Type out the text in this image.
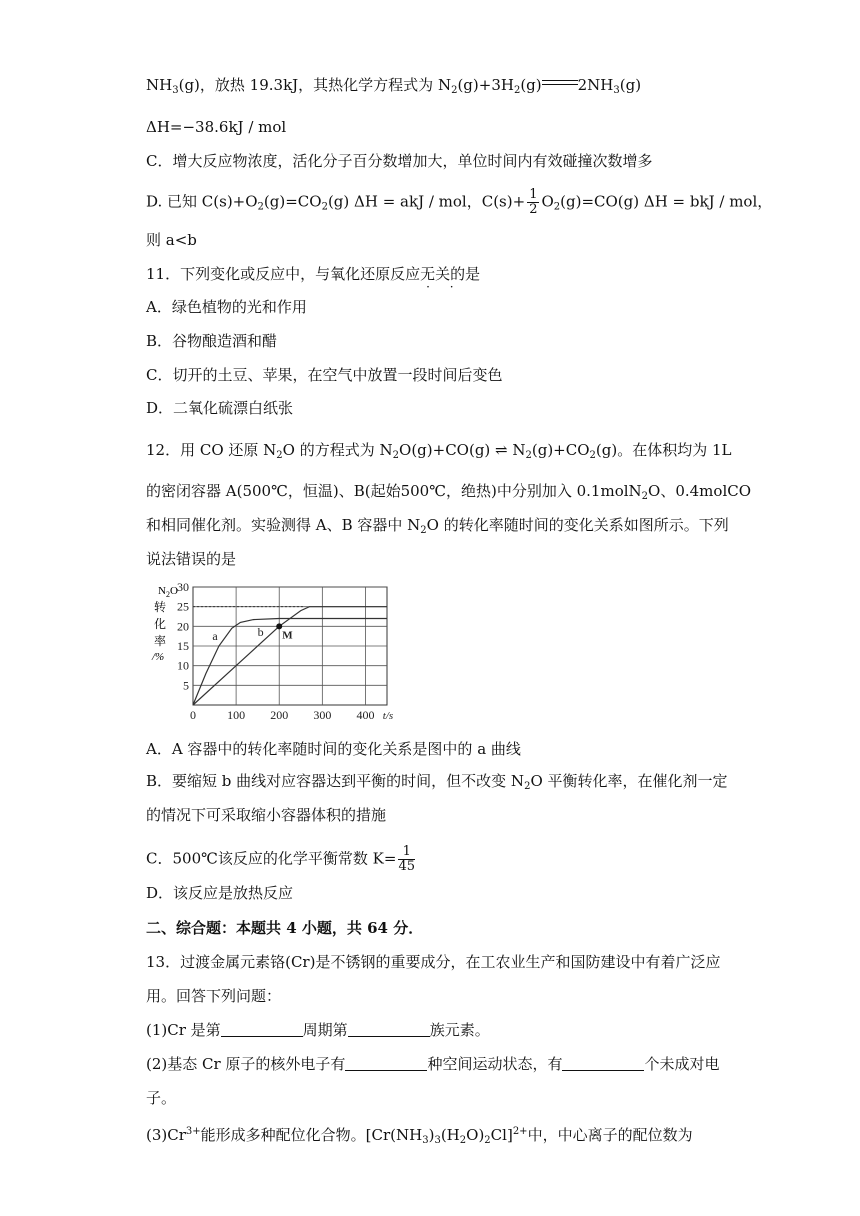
$NH_3(g)$，放热 19.3kJ，其热化学方程式为 $N_2(g)+3H_2(g)$ $2NH_3(g)$
ΔH=−38.6kJ / mol
C．增大反应物浓度，活化分子百分数增加大，单位时间内有效碰撞次数增多
D. 已知 $C(s)+O_2(g)=CO_2(g) \Delta H$ = akJ / mol，$C(s)+ \frac{1}{2} O_2(g)=CO(g) \Delta H$ = bkJ / mol，
则 a<b
11．下列变化或反应中，与氧化还原反应无关 · ·的是
A．绿色植物的光和作用
B．谷物酿造酒和醋
C．切开的土豆、苹果，在空气中放置一段时间后变色
D．二氧化硫漂白纸张
12．用 CO 还原 $N_2O$ 的方程式为 $N_2O(g)+CO(g)$ ⇌ $N_2(g)+CO_2(g)$。在体积均为 1L
的密闭容器 A(500℃，恒温)、B(起始500℃，绝热)中分别加入 0.1molN$_2$O、0.4molCO
和相同催化剂。实验测得 A、B 容器中 $N_2O$ 的转化率随时间的变化关系如图所示。下列
说法错误的是
$N_2O$
转
化
率
/%
5
10
15
20
25
30
0	100 200 300 400 t/s
a	b M
A．A 容器中的转化率随时间的变化关系是图中的 a 曲线
B．要缩短 b 曲线对应容器达到平衡的时间，但不改变 $N_2O$ 平衡转化率，在催化剂一定
的情况下可采取缩小容器体积的措施
C．500℃该反应的化学平衡常数 $K= \frac{1}{45}$
D．该反应是放热反应
二、综合题：本题共 4 小题，共 64 分．
13．过渡金属元素铬(Cr)是不锈钢的重要成分，在工农业生产和国防建设中有着广泛应
用。回答下列问题：
(1)Cr 是第	周期第	族元素。
(2)基态 Cr 原子的核外电子有	种空间运动状态，有	个未成对电
子。
$(3)Cr^{3+}$能形成多种配位化合物。$[Cr(NH_3)_3(H_2O)_2Cl]^{2+}$中，中心离子的配位数为
